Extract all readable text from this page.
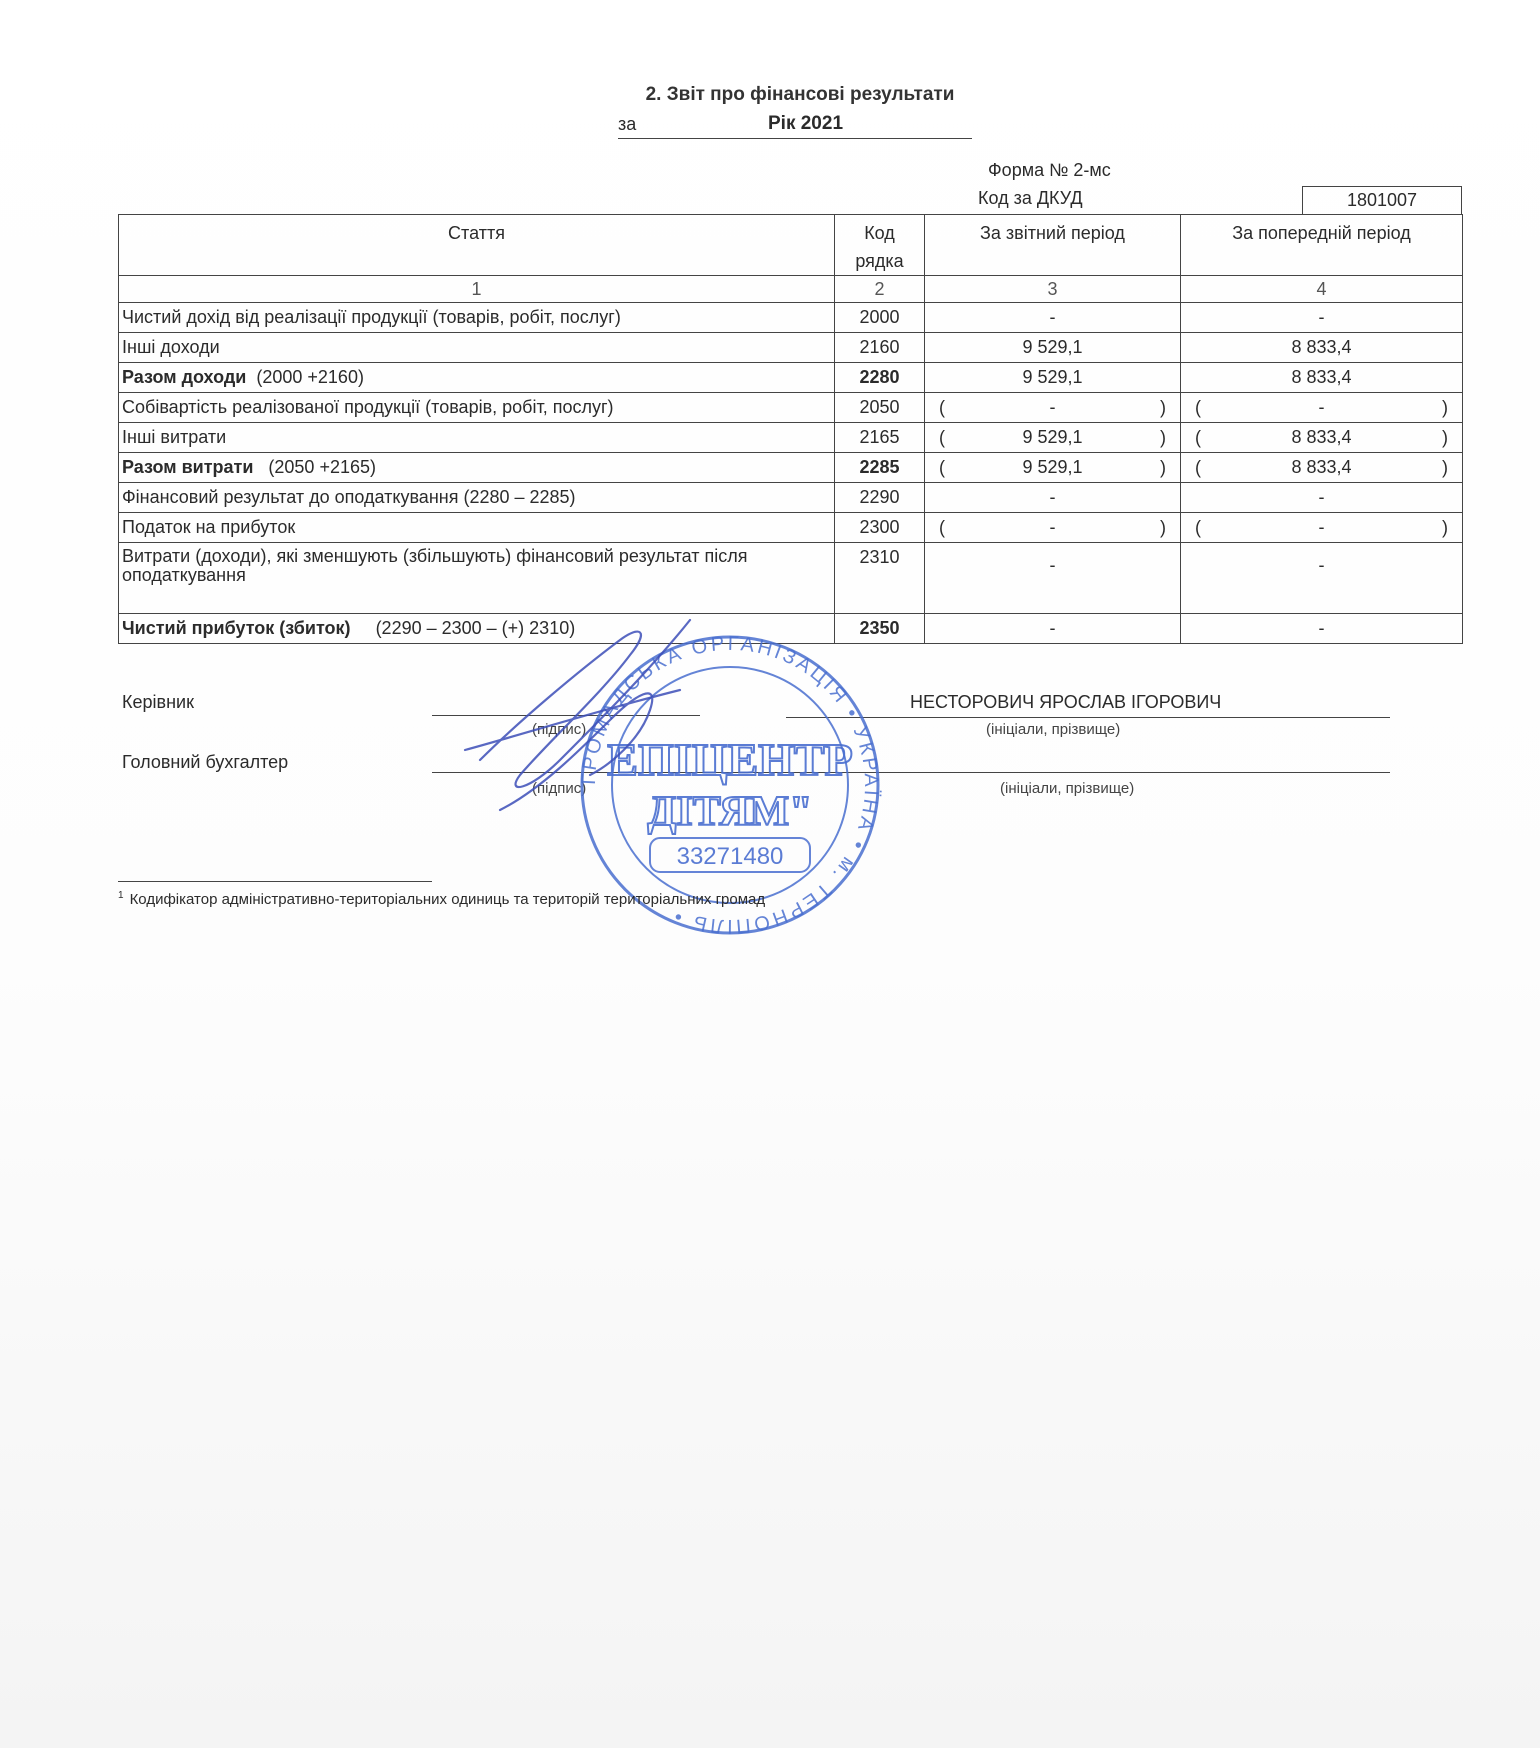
2. Звіт про фінансові результати
за	Рік 2021
Форма № 2-мс
Код за ДКУД	1801007
Стаття	Код рядка	За звітний період	За попередній період
1	2	3	4
Чистий дохід від реалізації продукції (товарів, робіт, послуг)	2000	-	-
Інші доходи	2160	9 529,1	8 833,4
Разом доходи  (2000 +2160)	2280	9 529,1	8 833,4
Собівартість реалізованої продукції (товарів, робіт, послуг)	2050	( - )	( - )

Інші витрати	2165	( 9 529,1 )	( 8 833,4 )

Разом витрати   (2050 +2165)	2285	( 9 529,1 )	( 8 833,4 )

Фінансовий результат до оподаткування (2280 – 2285)	2290	-	-
Податок на прибуток	2300	( - )	( - )

Витрати (доходи), які зменшують (збільшують) фінансовий результат після оподаткування	2310	-	-
Чистий прибуток (збиток)     (2290 – 2300 – (+) 2310)	2350	-	-
Керівник
(підпис)
НЕСТОРОВИЧ ЯРОСЛАВ ІГОРОВИЧ
(ініціали, прізвище)
Головний бухгалтер
(підпис)	(ініціали, прізвище)
ГРОМАДСЬКА ОРГАНІЗАЦІЯ • УКРАЇНА • м. ТЕРНОПІЛЬ •
ЕПІЦЕНТР
ДІТЯМ"
33271480
$^1$ Кодифікатор адміністративно-територіальних одиниць та територій територіальних громад
